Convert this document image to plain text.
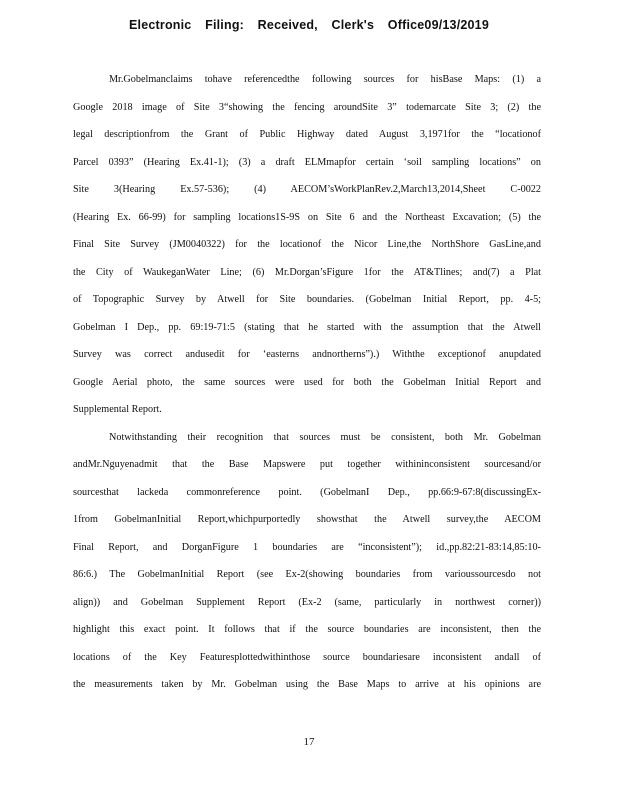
Electronic Filing: Received, Clerk's Office09/13/2019
Mr.Gobelmanclaims tohave referencedthe following sources for hisBase Maps: (1) a
Google 2018 image of Site 3“showing the fencing aroundSite 3” todemarcate Site 3; (2) the
legal descriptionfrom the Grant of Public Highway dated August 3,1971for the “locationof
Parcel 0393” (Hearing Ex.41-1); (3) a draft ELMmapfor certain ‘soil sampling locations” on
Site 3(Hearing Ex.57-536); (4) AECOM’sWorkPlanRev.2,March13,2014,Sheet C-0022
(Hearing Ex. 66-99) for sampling locations1S-9S on Site 6 and the Northeast Excavation; (5) the
Final Site Survey (JM0040322) for the locationof the Nicor Line,the NorthShore GasLine,and
the City of WaukeganWater Line; (6) Mr.Dorgan’sFigure 1for the AT&Tlines; and(7) a Plat
of Topographic Survey by Atwell for Site boundaries. (Gobelman Initial Report, pp. 4-5;
Gobelman I Dep., pp. 69:19-71:5 (stating that he started with the assumption that the Atwell
Survey was correct andusedit for ‘easterns andnortherns”).) Withthe exceptionof anupdated
Google Aerial photo, the same sources were used for both the Gobelman Initial Report and
Supplemental Report.
Notwithstanding their recognition that sources must be consistent, both Mr. Gobelman
andMr.Nguyenadmit that the Base Mapswere put together withininconsistent sourcesand/or
sourcesthat lackeda commonreference point. (GobelmanI Dep., pp.66:9-67:8(discussingEx-
1from GobelmanInitial Report,whichpurportedly showsthat the Atwell survey,the AECOM
Final Report, and DorganFigure 1 boundaries are “inconsistent”); id.,pp.82:21-83:14,85:10-
86:6.) The GobelmanInitial Report (see Ex-2(showing boundaries from varioussourcesdo not
align)) and Gobelman Supplement Report (Ex-2 (same, particularly in northwest corner))
highlight this exact point. It follows that if the source boundaries are inconsistent, then the
locations of the Key Featuresplottedwithinthose source boundariesare inconsistent andall of
the measurements taken by Mr. Gobelman using the Base Maps to arrive at his opinions are
17
